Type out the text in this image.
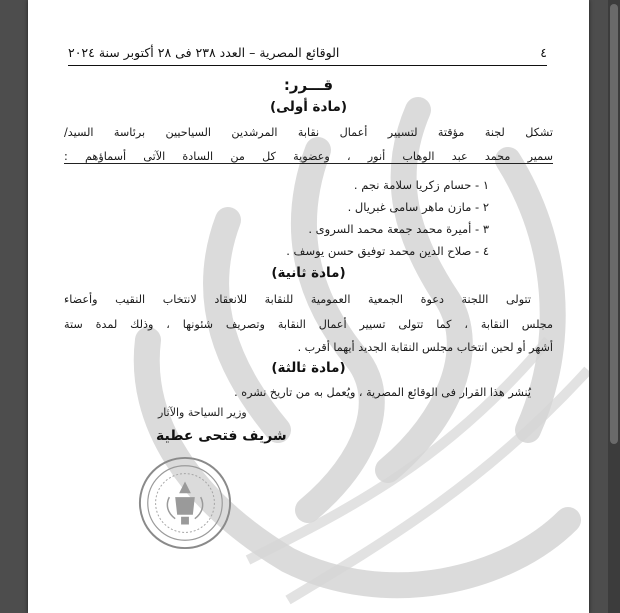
٤
الوقائع المصرية – العدد ٢٣٨ فى ٢٨ أكتوبر سنة ٢٠٢٤
قـــرر:
(مادة أولى)
تشكل لجنة مؤقتة لتسيير أعمال نقابة المرشدين السياحيين برئاسة السيد/
سمير محمد عبد الوهاب أنور ، وعضوية كل من السادة الآتى أسماؤهم :
١ - حسام زكريا سلامة نجم .
٢ - مازن ماهر سامى غبريال .
٣ - أميرة محمد جمعة محمد السروى .
٤ - صلاح الدين محمد توفيق حسن يوسف .
(مادة ثانية)
تتولى اللجنة دعوة الجمعية العمومية للنقابة للانعقاد لانتخاب النقيب وأعضاء
مجلس النقابة ، كما تتولى تسيير أعمال النقابة وتصريف شئونها ، وذلك لمدة ستة
أشهر أو لحين انتخاب مجلس النقابة الجديد أيهما أقرب .
(مادة ثالثة)
يُنشر هذا القرار فى الوقائع المصرية ، ويُعمل به من تاريخ نشره .
وزير السياحة والآثار
شريف فتحى عطية
